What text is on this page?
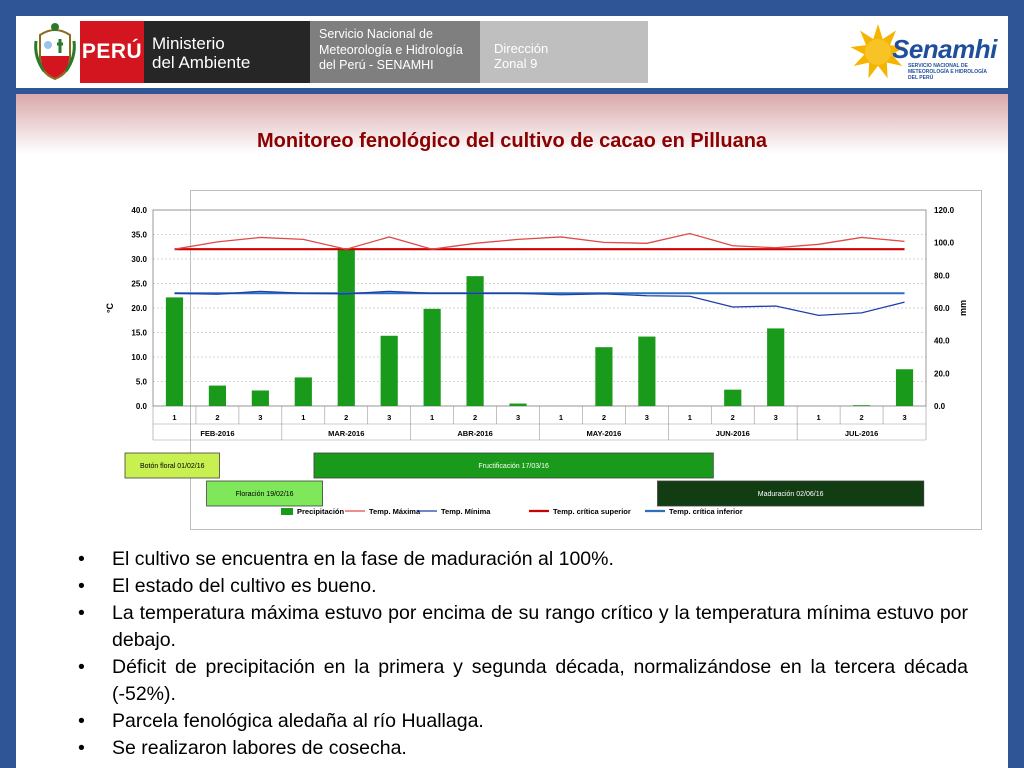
PERÚ Ministerio
del Ambiente
Servicio Nacional de
Meteorología e Hidrología
del Perú - SENAMHI
Dirección
Zonal 9	Senamhi
SERVICIO NACIONAL DE METEOROLOGÍA E HIDROLOGÍA DEL PERÚ
Monitoreo fenológico del cultivo de cacao en Pilluana
0.0
5.0
10.0
15.0
20.0
25.0
30.0
35.0
40.0
0.0
20.0
40.0
60.0
80.0
100.0
120.0
°C	mm
1	2	3	1	2	3	1	2	3	1	2	3	1	2	3	1	2	3
FEB-2016	MAR-2016	ABR-2016	MAY-2016	JUN-2016	JUL-2016
Botón floral 01/02/16
Floración 19/02/16
Fructificación 17/03/16
Maduración 02/06/16
Precipitación	Temp. Máxima	Temp. Mínima	Temp. crítica superior	Temp. crítica inferior
• El cultivo se encuentra en la fase de maduración al 100%.
• El estado del cultivo es bueno.
• La temperatura máxima estuvo por encima de su rango crítico y la temperatura mínima estuvo por debajo.
• Déficit de precipitación en la primera y segunda década, normalizándose en la tercera década (-52%).
• Parcela fenológica aledaña al río Huallaga.
• Se realizaron labores de cosecha.
